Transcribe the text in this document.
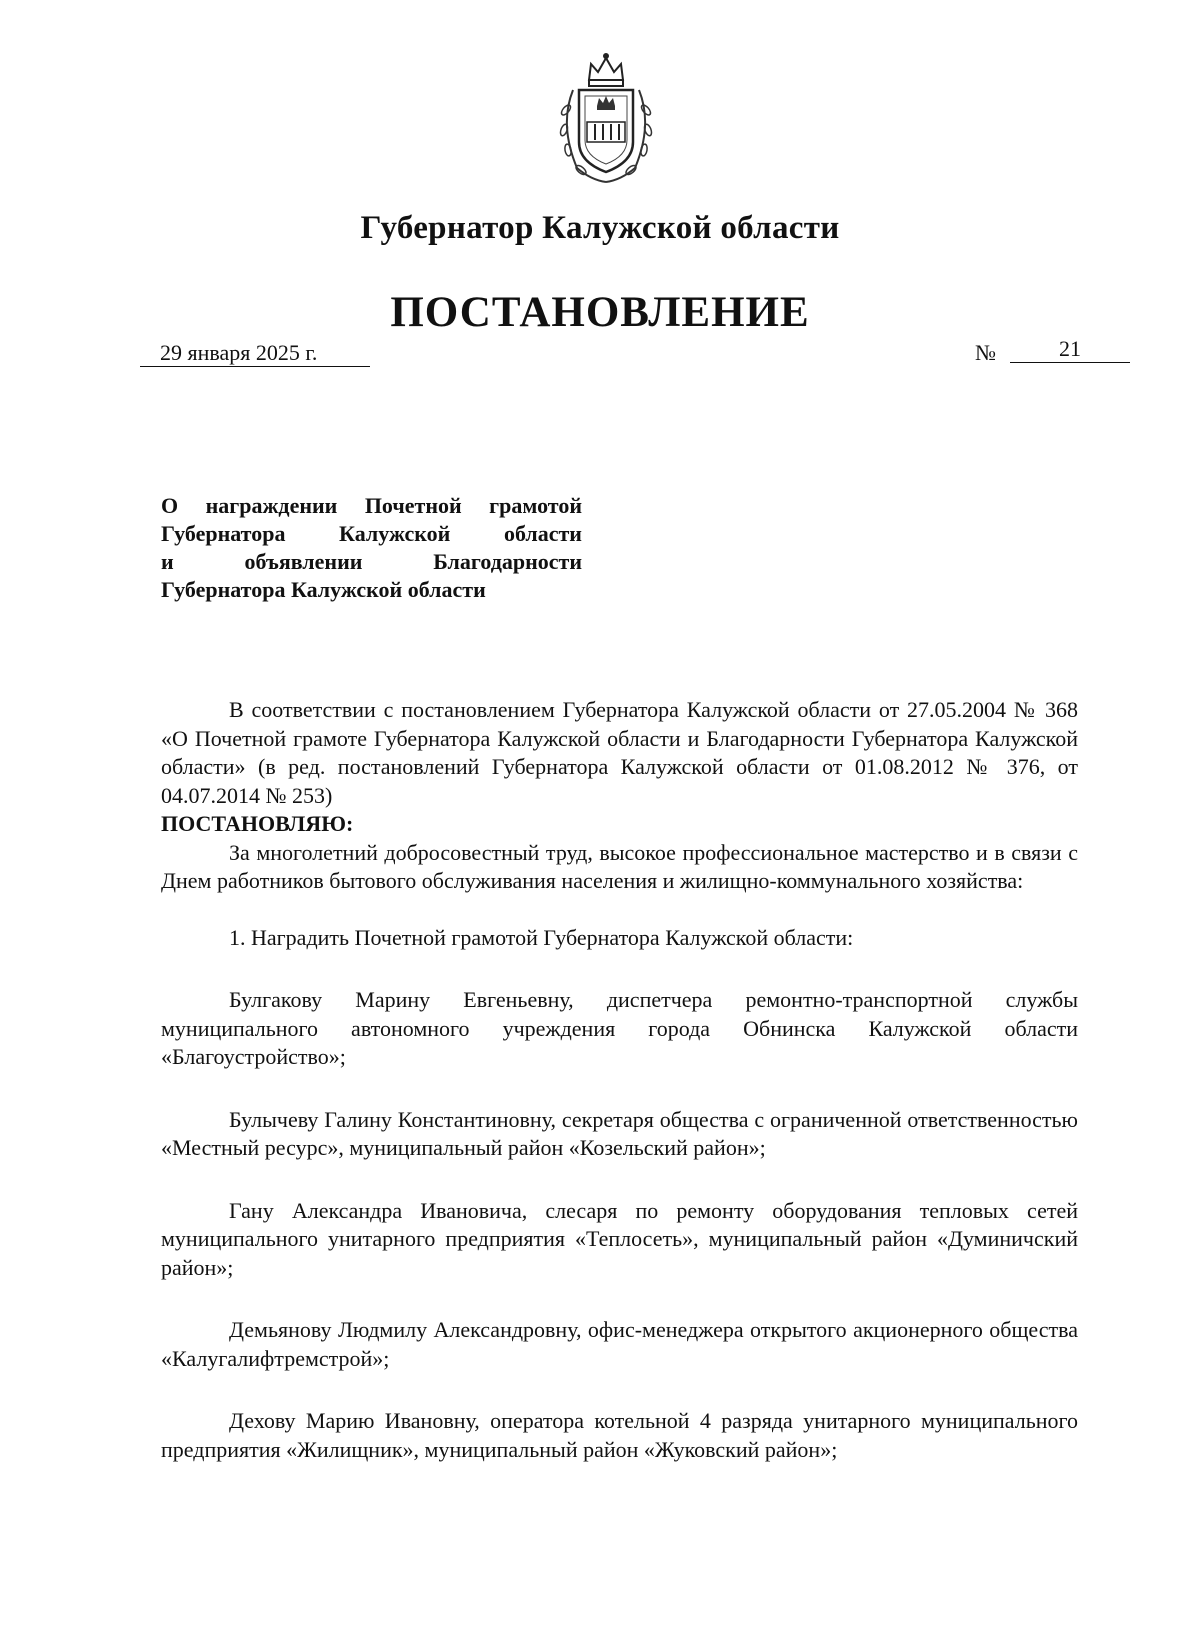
Губернатор Калужской области
ПОСТАНОВЛЕНИЕ
29 января 2025 г.	№	21
О награждении Почетной грамотой
Губернатора Калужской области
и объявлении Благодарности
Губернатора Калужской области

В соответствии с постановлением Губернатора Калужской области от 27.05.2004 № 368 «О Почетной грамоте Губернатора Калужской области и Благодарности Губернатора Калужской области» (в ред. постановлений Губернатора Калужской области от 01.08.2012 № 376, от 04.07.2014 № 253)

ПОСТАНОВЛЯЮ:

За многолетний добросовестный труд, высокое профессиональное мастерство и в связи с Днем работников бытового обслуживания населения и жилищно-коммунального хозяйства:

1. Наградить Почетной грамотой Губернатора Калужской области:

Булгакову Марину Евгеньевну, диспетчера ремонтно-транспортной службы муниципального автономного учреждения города Обнинска Калужской области «Благоустройство»;

Булычеву Галину Константиновну, секретаря общества с ограниченной ответственностью «Местный ресурс», муниципальный район «Козельский район»;

Гану Александра Ивановича, слесаря по ремонту оборудования тепловых сетей муниципального унитарного предприятия «Теплосеть», муниципальный район «Думиничский район»;

Демьянову Людмилу Александровну, офис-менеджера открытого акционерного общества «Калугалифтремстрой»;

Дехову Марию Ивановну, оператора котельной 4 разряда унитарного муниципального предприятия «Жилищник», муниципальный район «Жуковский район»;
